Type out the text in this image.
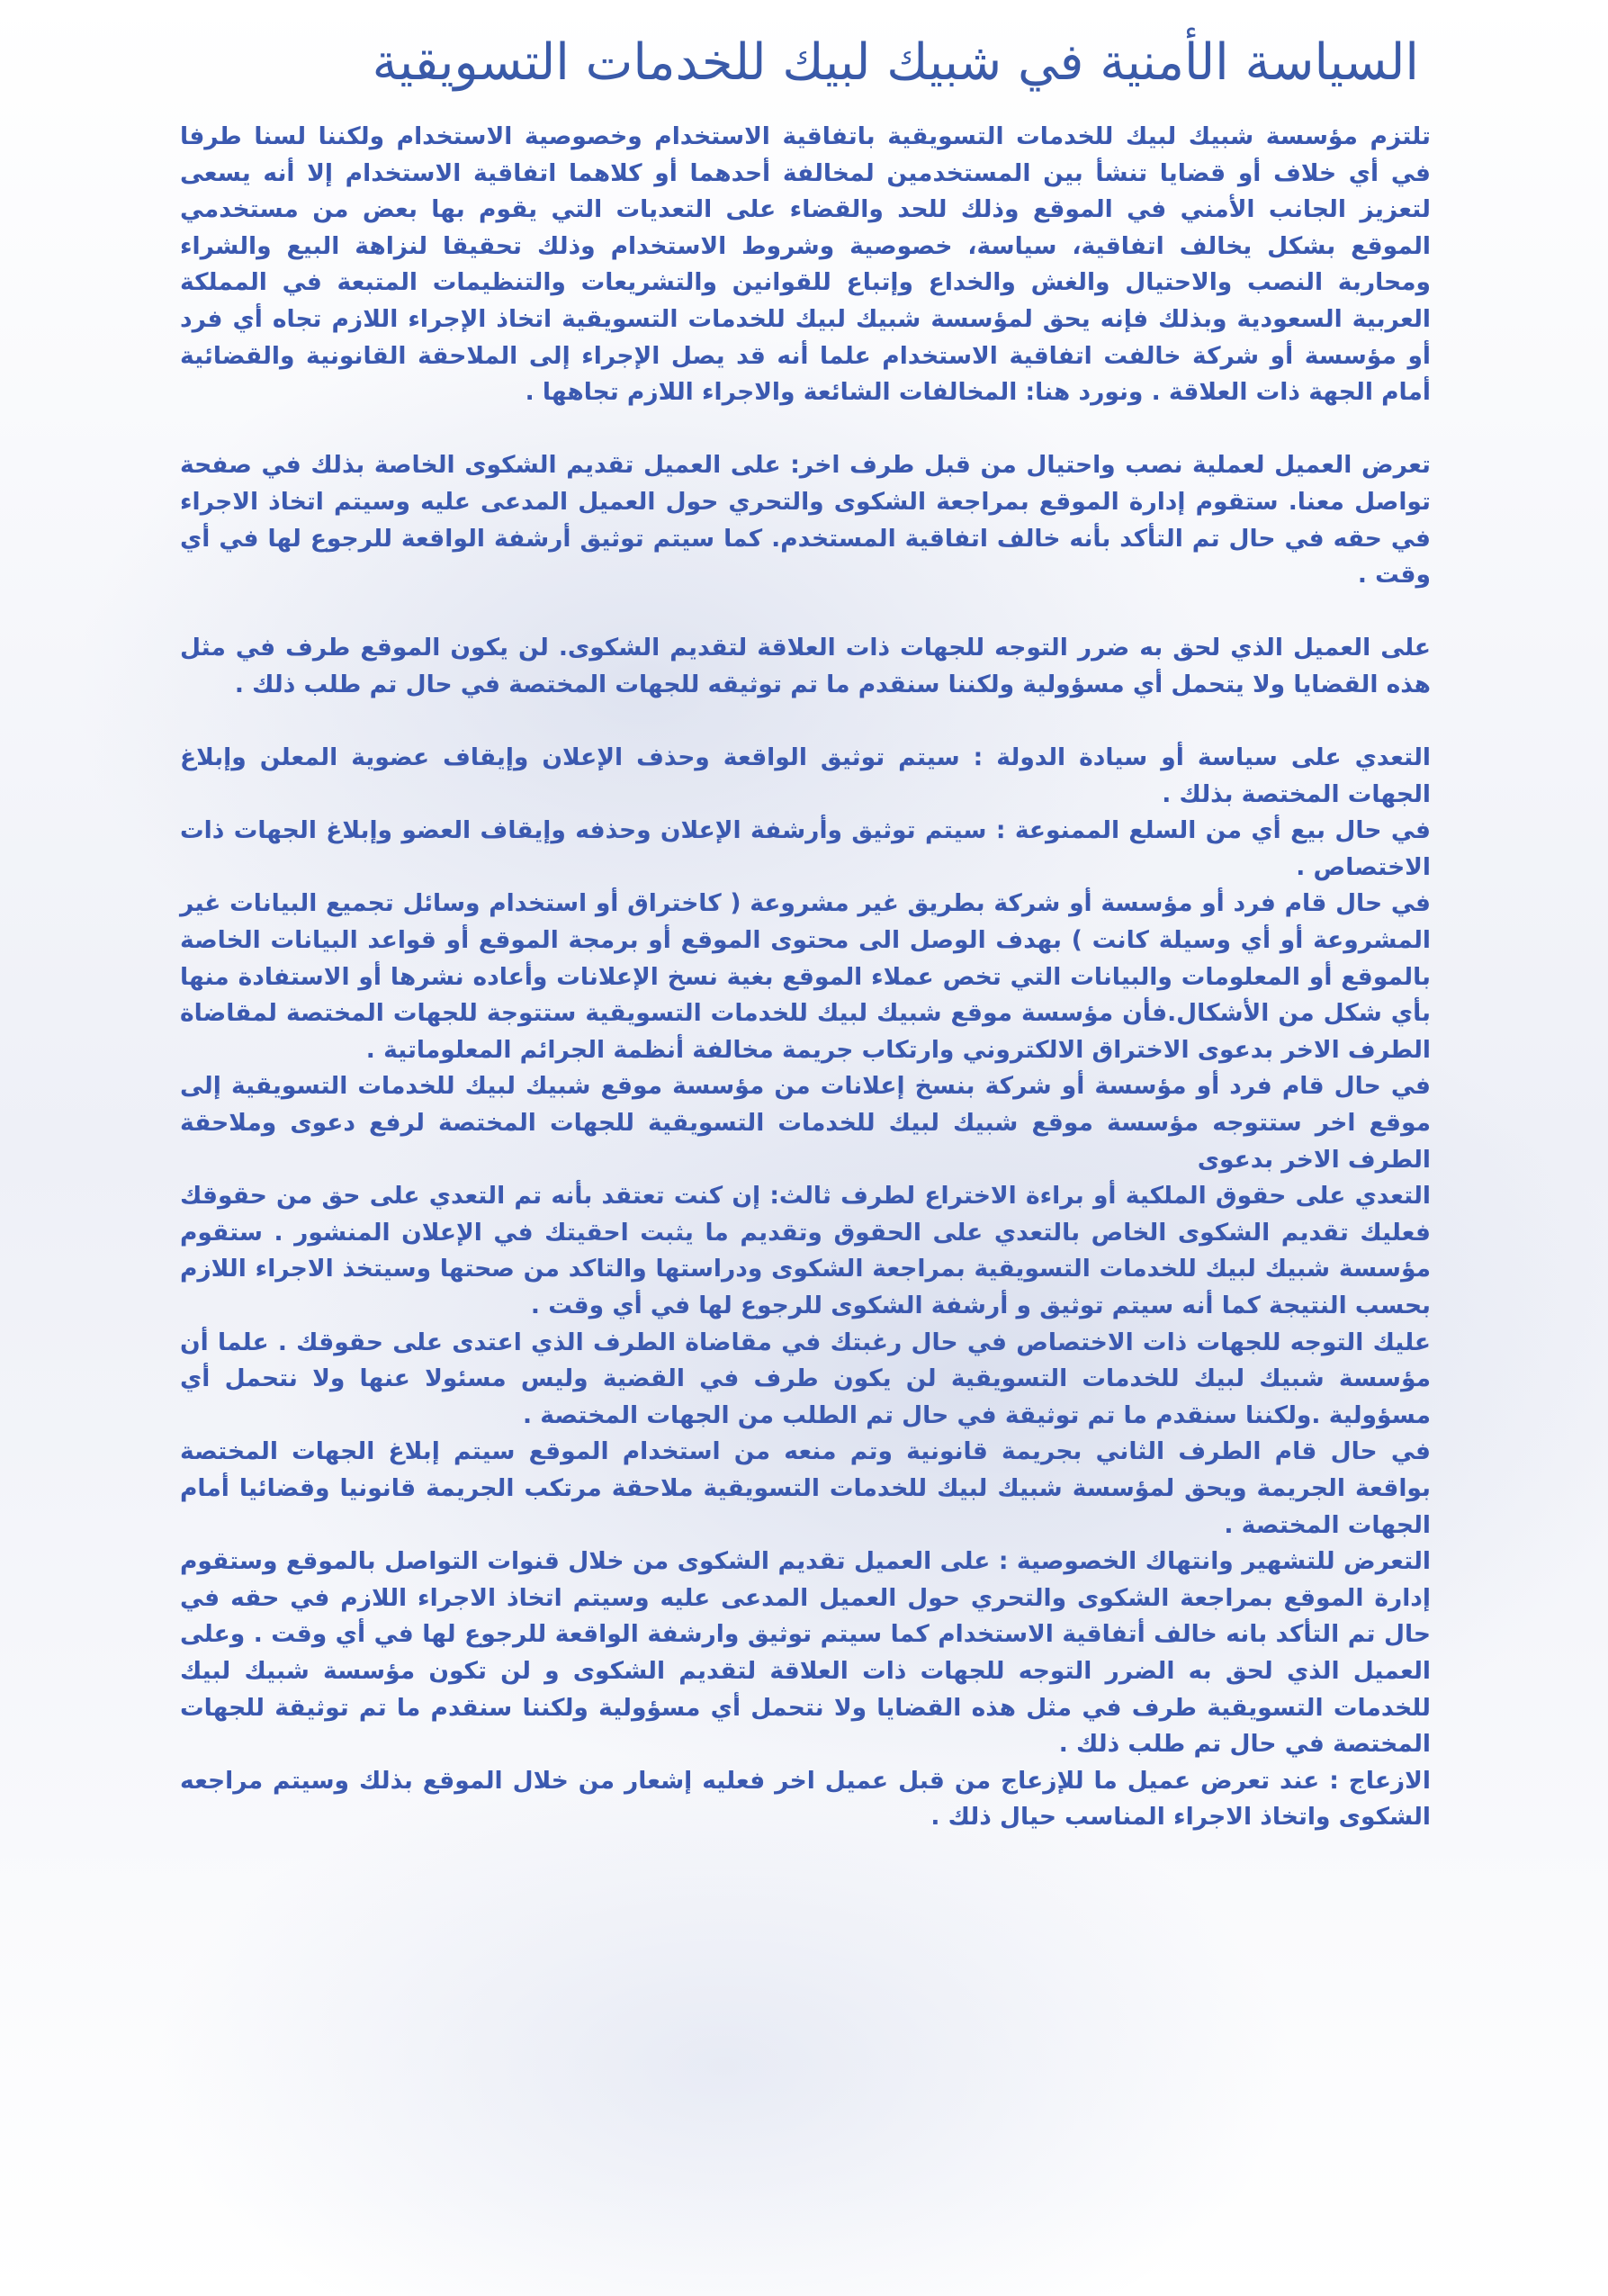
السياسة الأمنية في شبيك لبيك للخدمات التسويقية

تلتزم مؤسسة شبيك لبيك للخدمات التسويقية باتفاقية الاستخدام وخصوصية الاستخدام ولكننا لسنا طرفا في أي خلاف أو قضايا تنشأ بين المستخدمين لمخالفة أحدهما أو كلاهما اتفاقية الاستخدام إلا أنه يسعى لتعزيز الجانب الأمني في الموقع وذلك للحد والقضاء على التعديات التي يقوم بها بعض من مستخدمي الموقع بشكل يخالف اتفاقية، سياسة، خصوصية وشروط الاستخدام وذلك تحقيقا لنزاهة البيع والشراء ومحاربة النصب والاحتيال والغش والخداع وإتباع للقوانين والتشريعات والتنظيمات المتبعة في المملكة العربية السعودية وبذلك فإنه يحق لمؤسسة شبيك لبيك للخدمات التسويقية اتخاذ الإجراء اللازم تجاه أي فرد أو مؤسسة أو شركة خالفت اتفاقية الاستخدام علما أنه قد يصل الإجراء إلى الملاحقة القانونية والقضائية أمام الجهة ذات العلاقة . ونورد هنا: المخالفات الشائعة والاجراء اللازم تجاهها .

تعرض العميل لعملية نصب واحتيال من قبل طرف اخر: على العميل تقديم الشكوى الخاصة بذلك في صفحة تواصل معنا. ستقوم إدارة الموقع بمراجعة الشكوى والتحري حول العميل المدعى عليه وسيتم اتخاذ الاجراء في حقه في حال تم التأكد بأنه خالف اتفاقية المستخدم. كما سيتم توثيق أرشفة الواقعة للرجوع لها في أي وقت .

على العميل الذي لحق به ضرر التوجه للجهات ذات العلاقة لتقديم الشكوى. لن يكون الموقع طرف في مثل هذه القضايا ولا يتحمل أي مسؤولية ولكننا سنقدم ما تم توثيقه للجهات المختصة في حال تم طلب ذلك .

التعدي على سياسة أو سيادة الدولة : سيتم توثيق الواقعة وحذف الإعلان وإيقاف عضوية المعلن وإبلاغ الجهات المختصة بذلك .

في حال بيع أي من السلع الممنوعة : سيتم توثيق وأرشفة الإعلان وحذفه وإيقاف العضو وإبلاغ الجهات ذات الاختصاص .

في حال قام فرد أو مؤسسة أو شركة بطريق غير مشروعة ( كاختراق أو استخدام وسائل تجميع البيانات غير المشروعة أو أي وسيلة كانت ) بهدف الوصل الى محتوى الموقع أو برمجة الموقع أو قواعد البيانات الخاصة بالموقع أو المعلومات والبيانات التي تخص عملاء الموقع بغية نسخ الإعلانات وأعاده نشرها أو الاستفادة منها بأي شكل من الأشكال.فأن مؤسسة موقع شبيك لبيك للخدمات التسويقية ستتوجة للجهات المختصة لمقاضاة الطرف الاخر بدعوى الاختراق الالكتروني وارتكاب جريمة مخالفة أنظمة الجرائم المعلوماتية .

في حال قام فرد أو مؤسسة أو شركة بنسخ إعلانات من مؤسسة موقع شبيك لبيك للخدمات التسويقية إلى موقع اخر ستتوجه مؤسسة موقع شبيك لبيك للخدمات التسويقية للجهات المختصة لرفع دعوى وملاحقة الطرف الاخر بدعوى

التعدي على حقوق الملكية أو براءة الاختراع لطرف ثالث: إن كنت تعتقد بأنه تم التعدي على حق من حقوقك فعليك تقديم الشكوى الخاص بالتعدي على الحقوق وتقديم ما يثبت احقيتك في الإعلان المنشور . ستقوم مؤسسة شبيك لبيك للخدمات التسويقية بمراجعة الشكوى ودراستها والتاكد من صحتها وسيتخذ الاجراء اللازم بحسب النتيجة كما أنه سيتم توثيق و أرشفة الشكوى للرجوع لها في أي وقت .

عليك التوجه للجهات ذات الاختصاص في حال رغبتك في مقاضاة الطرف الذي اعتدى على حقوقك . علما أن مؤسسة شبيك لبيك للخدمات التسويقية لن يكون طرف في القضية وليس مسئولا عنها ولا نتحمل أي مسؤولية .ولكننا سنقدم ما تم توثيقة في حال تم الطلب من الجهات المختصة .

في حال قام الطرف الثاني بجريمة قانونية وتم منعه من استخدام الموقع سيتم إبلاغ الجهات المختصة بواقعة الجريمة ويحق لمؤسسة شبيك لبيك للخدمات التسويقية ملاحقة مرتكب الجريمة قانونيا وقضائيا أمام الجهات المختصة .

التعرض للتشهير وانتهاك الخصوصية : على العميل تقديم الشكوى من خلال قنوات التواصل بالموقع وستقوم إدارة الموقع بمراجعة الشكوى والتحري حول العميل المدعى عليه وسيتم اتخاذ الاجراء اللازم في حقه في حال تم التأكد بانه خالف أتفاقية الاستخدام كما سيتم توثيق وارشفة الواقعة للرجوع لها في أي وقت . وعلى العميل الذي لحق به الضرر التوجه للجهات ذات العلاقة لتقديم الشكوى و لن تكون مؤسسة شبيك لبيك للخدمات التسويقية طرف في مثل هذه القضايا ولا نتحمل أي مسؤولية ولكننا سنقدم ما تم توثيقة للجهات المختصة في حال تم طلب ذلك .

الازعاج : عند تعرض عميل ما للإزعاج من قبل عميل اخر فعليه إشعار من خلال الموقع بذلك وسيتم مراجعه الشكوى واتخاذ الاجراء المناسب حيال ذلك .
